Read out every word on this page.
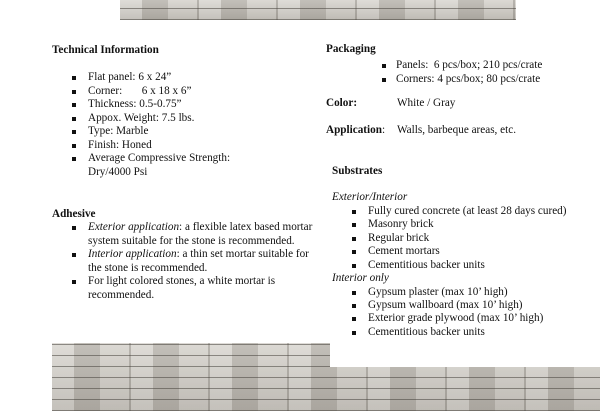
Technical Information
Flat panel: 6 x 24”
Corner:       6 x 18 x 6”
Thickness: 0.5-0.75”
Appox. Weight: 7.5 lbs.
Type: Marble
Finish: Honed
Average Compressive Strength:
Dry/4000 Psi
Adhesive
Exterior application: a flexible latex based mortar system suitable for the stone is recommended.
Interior application: a thin set mortar suitable for the stone is recommended.
For light colored stones, a white mortar is recommended.
Packaging
Panels:  6 pcs/box; 210 pcs/crate
Corners: 4 pcs/box; 80 pcs/crate
Color:	White / Gray
Application: Walls, barbeque areas, etc.
Substrates
Exterior/Interior
Fully cured concrete (at least 28 days cured)
Masonry brick
Regular brick
Cement mortars
Cementitious backer units
Interior only
Gypsum plaster (max 10’ high)
Gypsum wallboard (max 10’ high)
Exterior grade plywood (max 10’ high)
Cementitious backer units
